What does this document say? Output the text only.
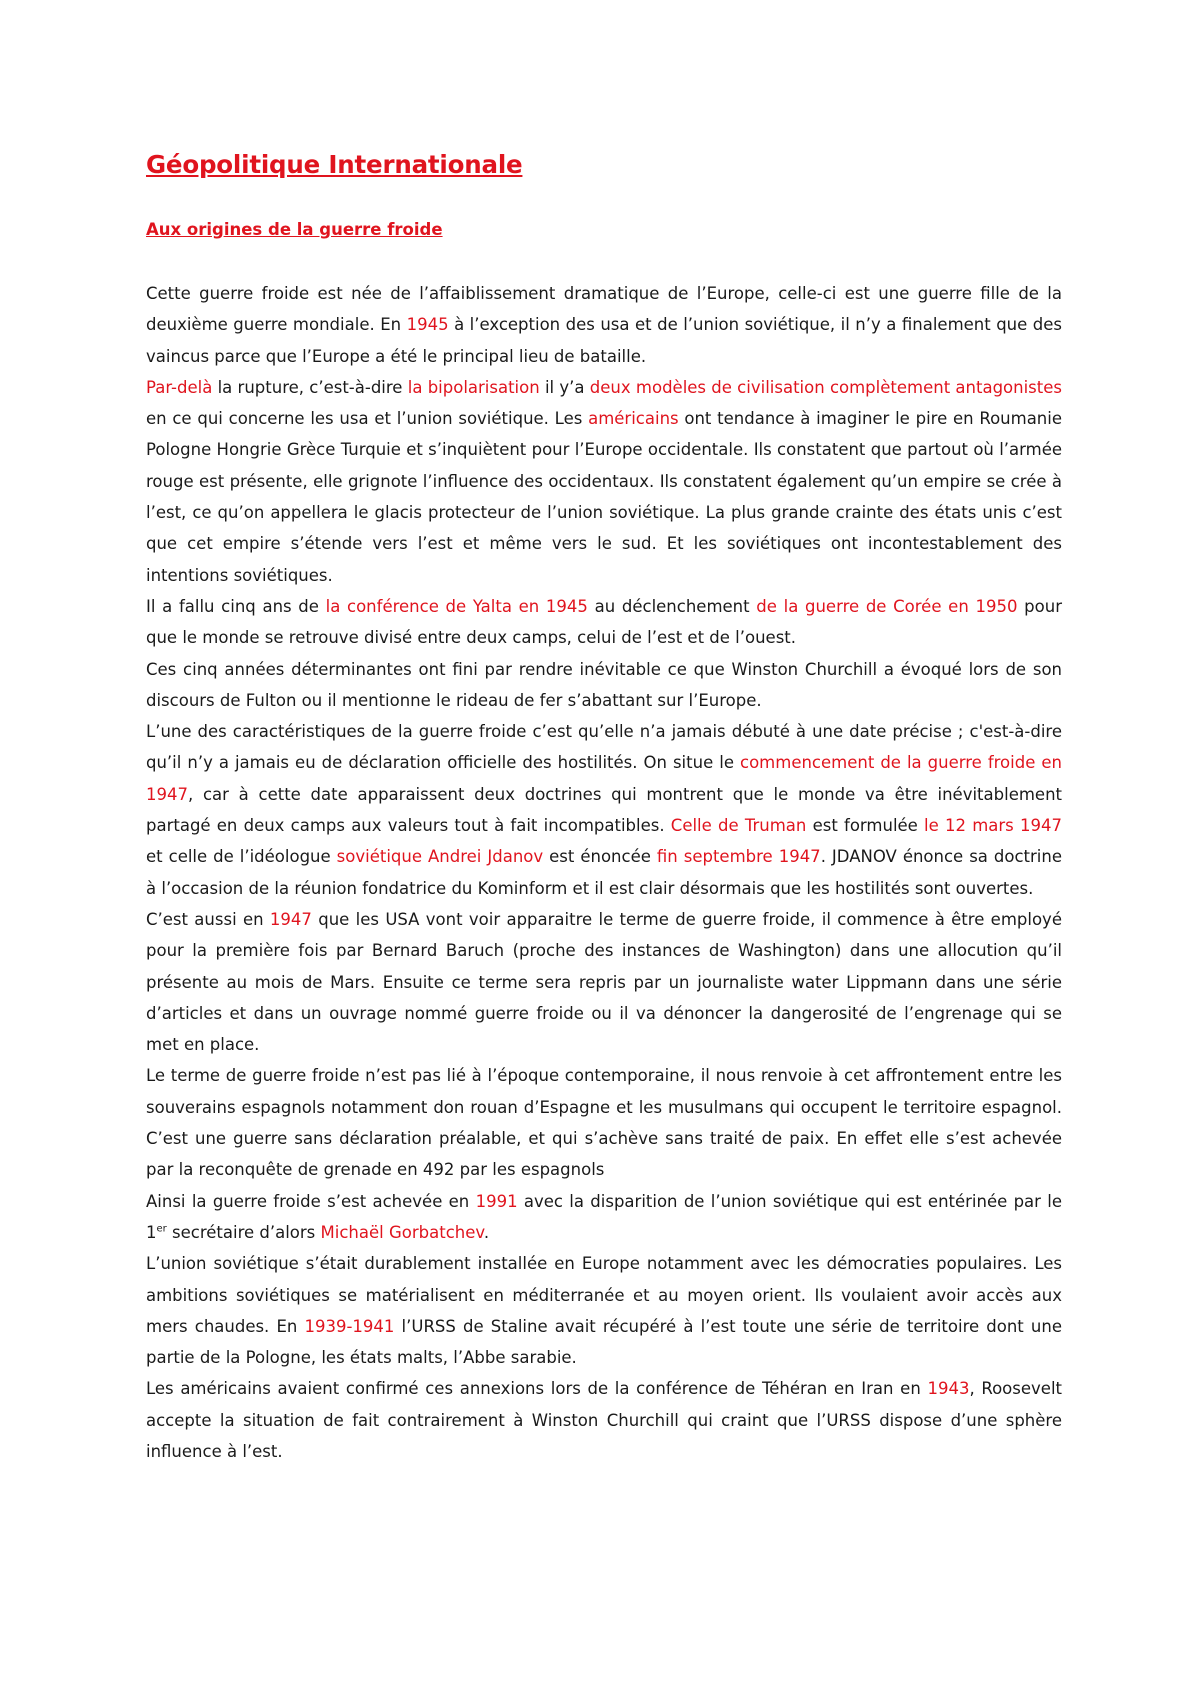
Géopolitique Internationale
Aux origines de la guerre froide

Cette guerre froide est née de l’affaiblissement dramatique de l’Europe, celle-ci est une guerre fille de la deuxième guerre mondiale. En 1945 à l’exception des usa et de l’union soviétique, il n’y a finalement que des vaincus parce que l’Europe a été le principal lieu de bataille.

Par-delà la rupture, c’est-à-dire la bipolarisation il y’a deux modèles de civilisation complètement antagonistes en ce qui concerne les usa et l’union soviétique. Les américains ont tendance à imaginer le pire en Roumanie Pologne Hongrie Grèce Turquie et s’inquiètent pour l’Europe occidentale. Ils constatent que partout où l’armée rouge est présente, elle grignote l’influence des occidentaux. Ils constatent également qu’un empire se crée à l’est, ce qu’on appellera le glacis protecteur de l’union soviétique. La plus grande crainte des états unis c’est que cet empire s’étende vers l’est et même vers le sud. Et les soviétiques ont incontestablement des intentions soviétiques.

Il a fallu cinq ans de la conférence de Yalta en 1945 au déclenchement de la guerre de Corée en 1950 pour que le monde se retrouve divisé entre deux camps, celui de l’est et de l’ouest.

Ces cinq années déterminantes ont fini par rendre inévitable ce que Winston Churchill a évoqué lors de son discours de Fulton ou il mentionne le rideau de fer s’abattant sur l’Europe.

L’une des caractéristiques de la guerre froide c’est qu’elle n’a jamais débuté à une date précise ; c'est-à-dire qu’il n’y a jamais eu de déclaration officielle des hostilités. On situe le commencement de la guerre froide en 1947, car à cette date apparaissent deux doctrines qui montrent que le monde va être inévitablement partagé en deux camps aux valeurs tout à fait incompatibles. Celle de Truman est formulée le 12 mars 1947 et celle de l’idéologue soviétique Andrei Jdanov est énoncée fin septembre 1947. JDANOV énonce sa doctrine à l’occasion de la réunion fondatrice du Kominform et il est clair désormais que les hostilités sont ouvertes.

C’est aussi en 1947 que les USA vont voir apparaitre le terme de guerre froide, il commence à être employé pour la première fois par Bernard Baruch (proche des instances de Washington) dans une allocution qu’il présente au mois de Mars. Ensuite ce terme sera repris par un journaliste water Lippmann dans une série d’articles et dans un ouvrage nommé guerre froide ou il va dénoncer la dangerosité de l’engrenage qui se met en place.

Le terme de guerre froide n’est pas lié à l’époque contemporaine, il nous renvoie à cet affrontement entre les souverains espagnols notamment don rouan d’Espagne et les musulmans qui occupent le territoire espagnol. C’est une guerre sans déclaration préalable, et qui s’achève sans traité de paix. En effet elle s’est achevée par la reconquête de grenade en 492 par les espagnols

Ainsi la guerre froide s’est achevée en 1991 avec la disparition de l’union soviétique qui est entérinée par le 1er secrétaire d’alors Michaël Gorbatchev.

L’union soviétique s’était durablement installée en Europe notamment avec les démocraties populaires. Les ambitions soviétiques se matérialisent en méditerranée et au moyen orient. Ils voulaient avoir accès aux mers chaudes. En 1939-1941 l’URSS de Staline avait récupéré à l’est toute une série de territoire dont une partie de la Pologne, les états malts, l’Abbe sarabie.

Les américains avaient confirmé ces annexions lors de la conférence de Téhéran en Iran en 1943, Roosevelt accepte la situation de fait contrairement à Winston Churchill qui craint que l’URSS dispose d’une sphère influence à l’est.
